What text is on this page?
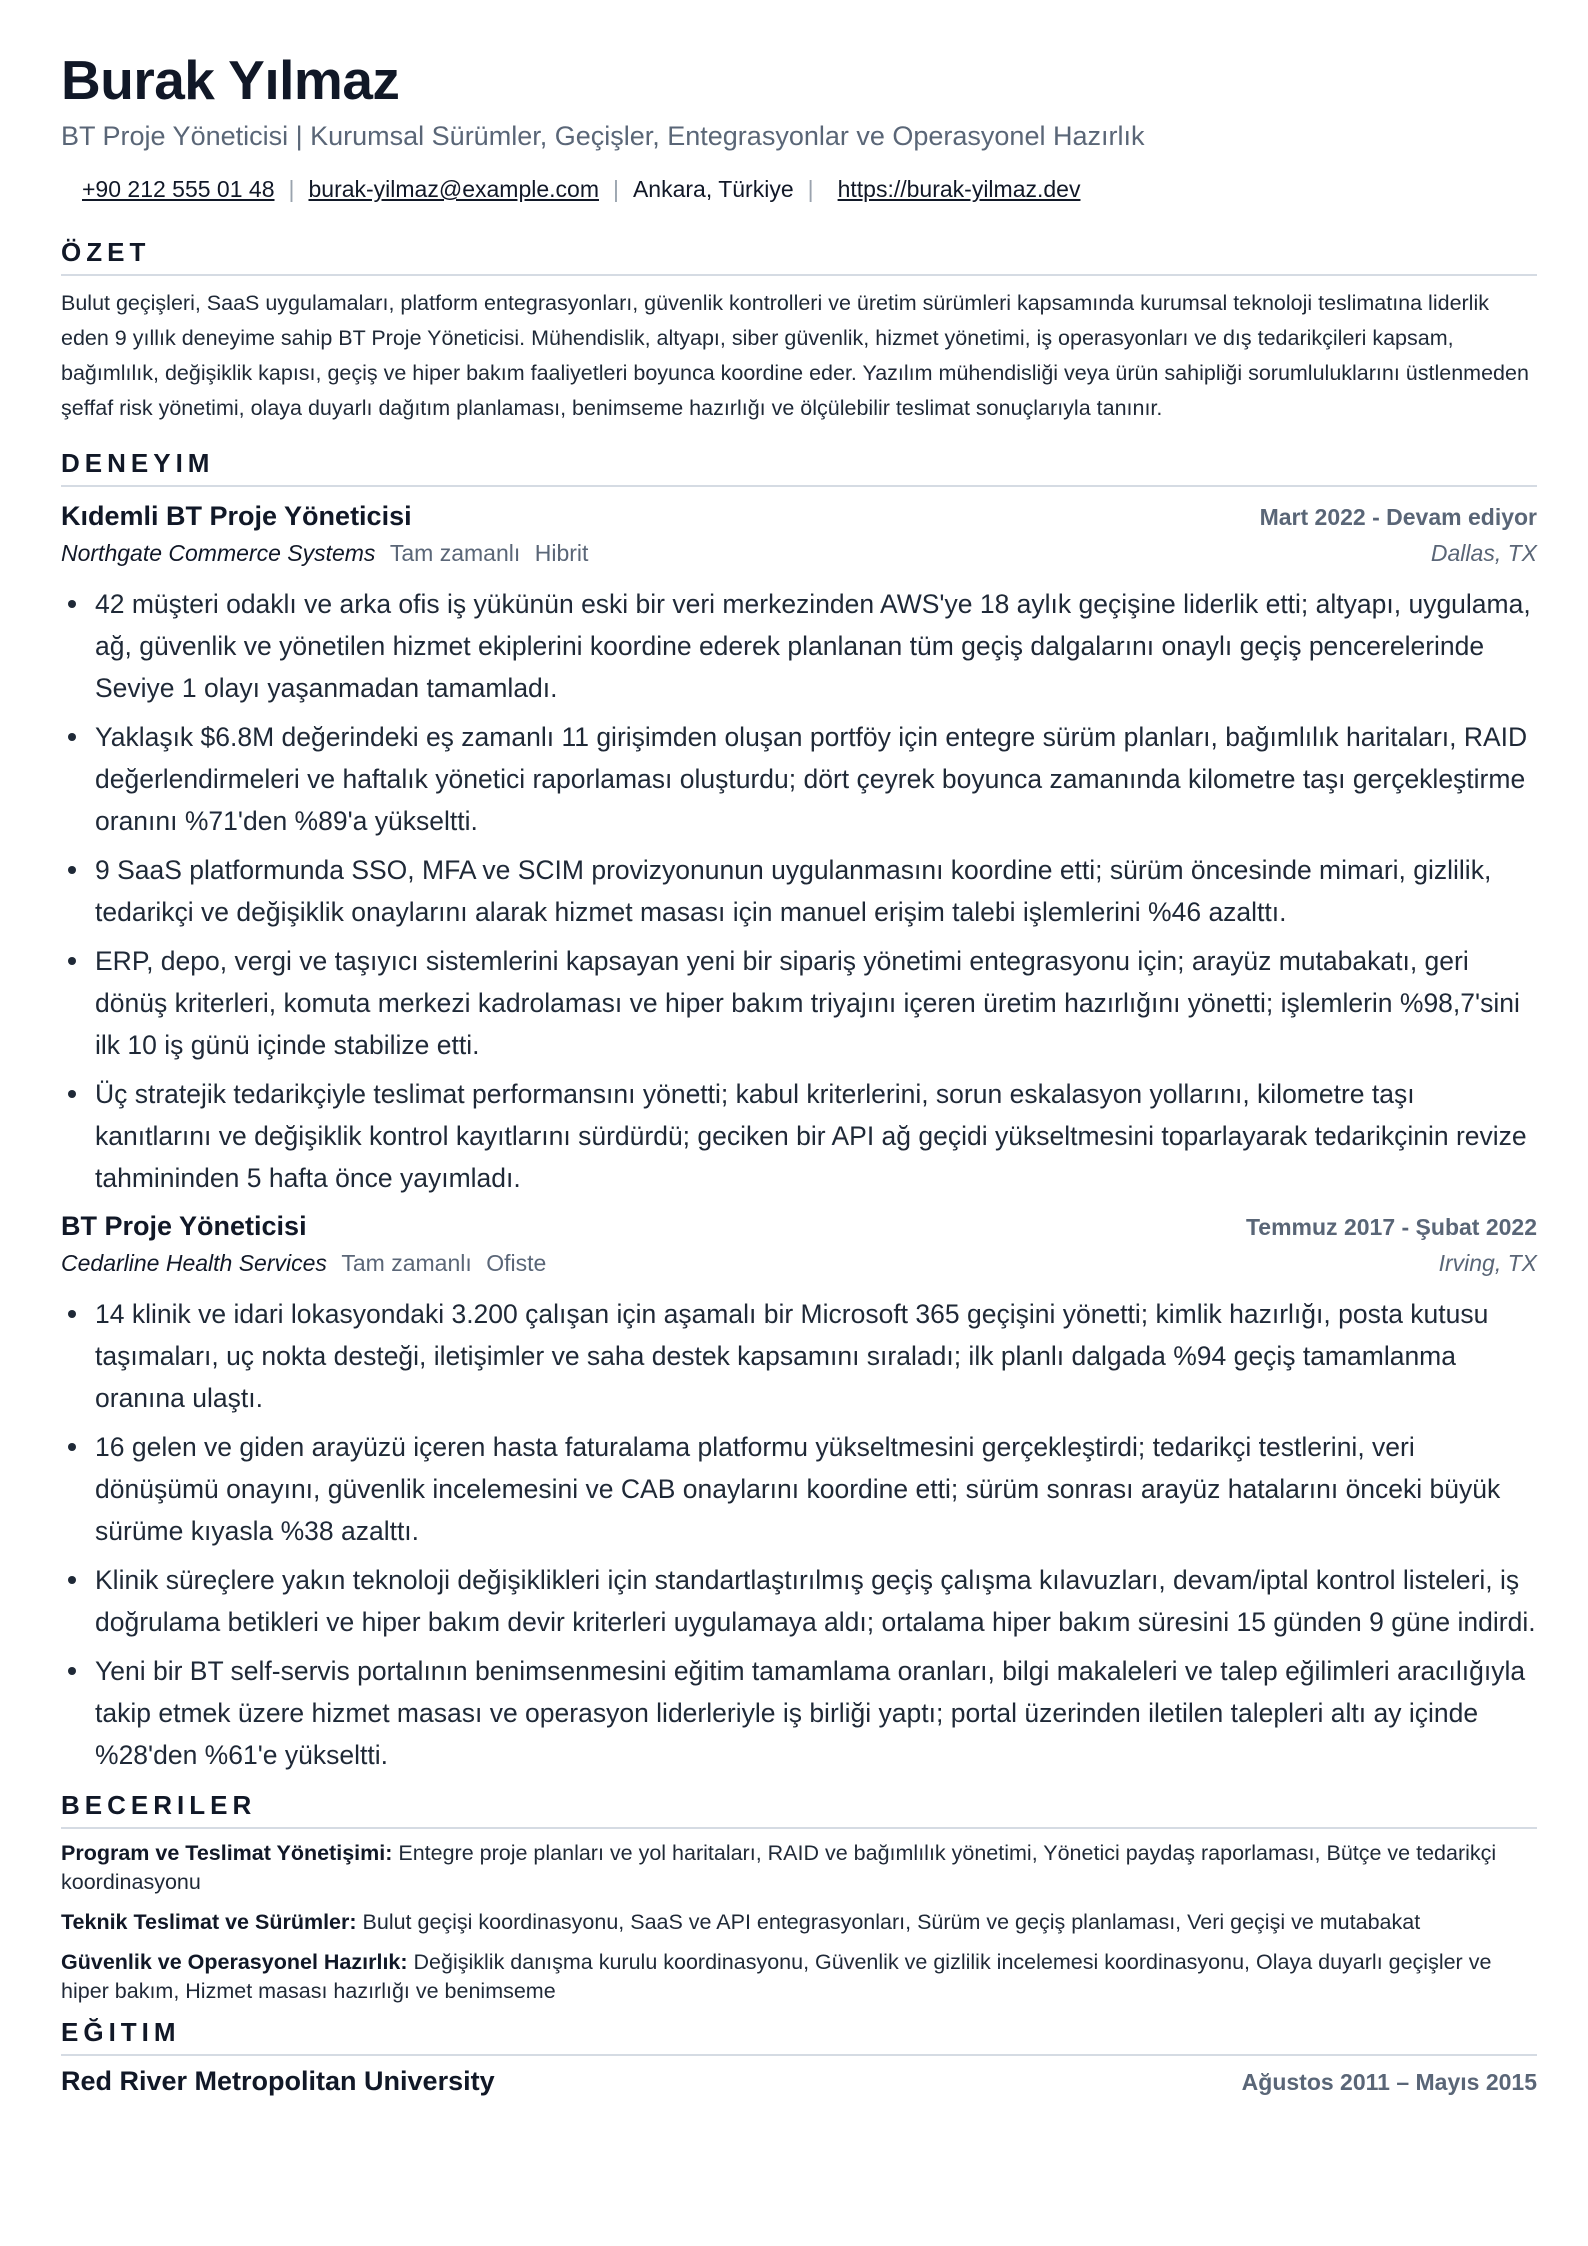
Burak Yılmaz
BT Proje Yöneticisi | Kurumsal Sürümler, Geçişler, Entegrasyonlar ve Operasyonel Hazırlık
+90 212 555 01 48 | burak-yilmaz@example.com | Ankara, Türkiye | https://burak-yilmaz.dev
ÖZET
Bulut geçişleri, SaaS uygulamaları, platform entegrasyonları, güvenlik kontrolleri ve üretim sürümleri kapsamında kurumsal teknoloji teslimatına liderlik eden 9 yıllık deneyime sahip BT Proje Yöneticisi. Mühendislik, altyapı, siber güvenlik, hizmet yönetimi, iş operasyonları ve dış tedarikçileri kapsam, bağımlılık, değişiklik kapısı, geçiş ve hiper bakım faaliyetleri boyunca koordine eder. Yazılım mühendisliği veya ürün sahipliği sorumluluklarını üstlenmeden şeffaf risk yönetimi, olaya duyarlı dağıtım planlaması, benimseme hazırlığı ve ölçülebilir teslimat sonuçlarıyla tanınır.
DENEYIM
Kıdemli BT Proje Yöneticisi	Mart 2022 - Devam ediyor
Northgate Commerce Systems Tam zamanlı Hibrit	Dallas, TX
42 müşteri odaklı ve arka ofis iş yükünün eski bir veri merkezinden AWS'ye 18 aylık geçişine liderlik etti; altyapı, uygulama, ağ, güvenlik ve yönetilen hizmet ekiplerini koordine ederek planlanan tüm geçiş dalgalarını onaylı geçiş pencerelerinde Seviye 1 olayı yaşanmadan tamamladı.
Yaklaşık $6.8M değerindeki eş zamanlı 11 girişimden oluşan portföy için entegre sürüm planları, bağımlılık haritaları, RAID değerlendirmeleri ve haftalık yönetici raporlaması oluşturdu; dört çeyrek boyunca zamanında kilometre taşı gerçekleştirme oranını %71'den %89'a yükseltti.
9 SaaS platformunda SSO, MFA ve SCIM provizyonunun uygulanmasını koordine etti; sürüm öncesinde mimari, gizlilik, tedarikçi ve değişiklik onaylarını alarak hizmet masası için manuel erişim talebi işlemlerini %46 azalttı.
ERP, depo, vergi ve taşıyıcı sistemlerini kapsayan yeni bir sipariş yönetimi entegrasyonu için; arayüz mutabakatı, geri dönüş kriterleri, komuta merkezi kadrolaması ve hiper bakım triyajını içeren üretim hazırlığını yönetti; işlemlerin %98,7'sini ilk 10 iş günü içinde stabilize etti.
Üç stratejik tedarikçiyle teslimat performansını yönetti; kabul kriterlerini, sorun eskalasyon yollarını, kilometre taşı kanıtlarını ve değişiklik kontrol kayıtlarını sürdürdü; geciken bir API ağ geçidi yükseltmesini toparlayarak tedarikçinin revize tahmininden 5 hafta önce yayımladı.
BT Proje Yöneticisi	Temmuz 2017 - Şubat 2022
Cedarline Health Services Tam zamanlı Ofiste	Irving, TX
14 klinik ve idari lokasyondaki 3.200 çalışan için aşamalı bir Microsoft 365 geçişini yönetti; kimlik hazırlığı, posta kutusu taşımaları, uç nokta desteği, iletişimler ve saha destek kapsamını sıraladı; ilk planlı dalgada %94 geçiş tamamlanma oranına ulaştı.
16 gelen ve giden arayüzü içeren hasta faturalama platformu yükseltmesini gerçekleştirdi; tedarikçi testlerini, veri dönüşümü onayını, güvenlik incelemesini ve CAB onaylarını koordine etti; sürüm sonrası arayüz hatalarını önceki büyük sürüme kıyasla %38 azalttı.
Klinik süreçlere yakın teknoloji değişiklikleri için standartlaştırılmış geçiş çalışma kılavuzları, devam/iptal kontrol listeleri, iş doğrulama betikleri ve hiper bakım devir kriterleri uygulamaya aldı; ortalama hiper bakım süresini 15 günden 9 güne indirdi.
Yeni bir BT self-servis portalının benimsenmesini eğitim tamamlama oranları, bilgi makaleleri ve talep eğilimleri aracılığıyla takip etmek üzere hizmet masası ve operasyon liderleriyle iş birliği yaptı; portal üzerinden iletilen talepleri altı ay içinde %28'den %61'e yükseltti.
BECERILER
Program ve Teslimat Yönetişimi: Entegre proje planları ve yol haritaları, RAID ve bağımlılık yönetimi, Yönetici paydaş raporlaması, Bütçe ve tedarikçi koordinasyonu
Teknik Teslimat ve Sürümler: Bulut geçişi koordinasyonu, SaaS ve API entegrasyonları, Sürüm ve geçiş planlaması, Veri geçişi ve mutabakat
Güvenlik ve Operasyonel Hazırlık: Değişiklik danışma kurulu koordinasyonu, Güvenlik ve gizlilik incelemesi koordinasyonu, Olaya duyarlı geçişler ve hiper bakım, Hizmet masası hazırlığı ve benimseme
EĞITIM
Red River Metropolitan University	Ağustos 2011 – Mayıs 2015
